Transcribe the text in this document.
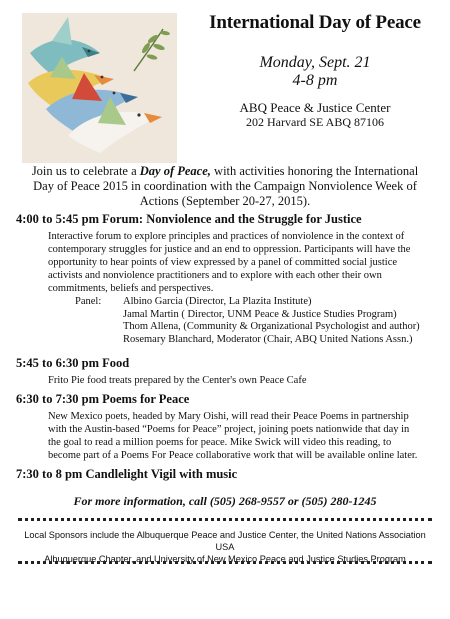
International Day of Peace
Monday, Sept. 21
4-8 pm
ABQ Peace & Justice Center
202 Harvard SE ABQ 87106
Join us to celebrate a Day of Peace, with activities honoring the International Day of Peace 2015 in coordination with the Campaign Nonviolence Week of Actions (September 20-27, 2015).
4:00 to 5:45 pm Forum: Nonviolence and the Struggle for Justice
Interactive forum to explore principles and practices of nonviolence in the context of contemporary struggles for justice and an end to oppression. Participants will have the opportunity to hear points of view expressed by a panel of committed social justice activists and nonviolence practitioners and to explore with each other their own commitments, beliefs and perspectives.
Panel:	Albino Garcia (Director, La Plazita Institute)
Jamal Martin ( Director, UNM Peace & Justice Studies Program)
Thom Allena, (Community & Organizational Psychologist and author)
Rosemary Blanchard, Moderator (Chair, ABQ United Nations Assn.)
5:45 to 6:30 pm Food
Frito Pie food treats prepared by the Center's own Peace Cafe
6:30 to 7:30 pm Poems for Peace
New Mexico poets, headed by Mary Oishi, will read their Peace Poems in partnership with the Austin-based “Poems for Peace” project, joining poets nationwide that day in the goal to read a million poems for peace. Mike Swick will video this reading, to become part of a Poems For Peace collaborative work that will be available online later.
7:30 to 8 pm Candlelight Vigil with music
For more information, call (505) 268-9557 or (505) 280-1245
Local Sponsors include the Albuquerque Peace and Justice Center, the United Nations Association USA
Albuquerque Chapter, and University of New Mexico Peace and Justice Studies Program
